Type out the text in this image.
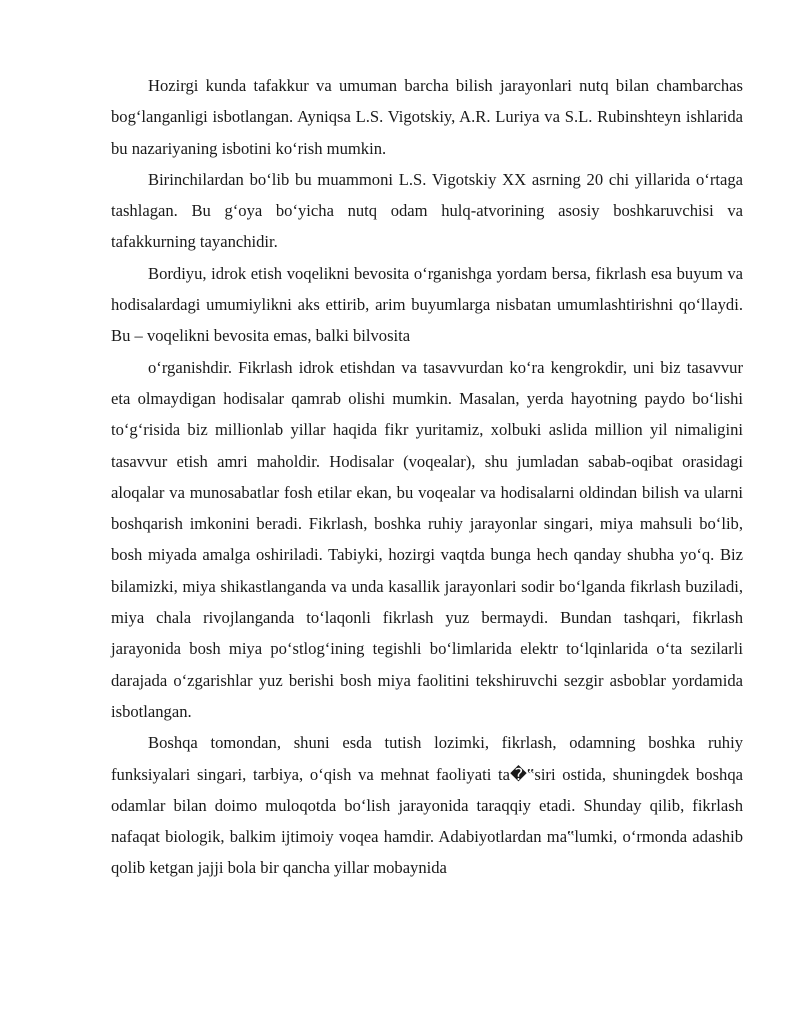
Hozirgi kunda tafakkur va umuman barcha bilish jarayonlari nutq bilan chambarchas bog‘langanligi isbotlangan. Ayniqsa L.S. Vigotskiy, A.R. Luriya va S.L. Rubinshteyn ishlarida bu nazariyaning isbotini ko‘rish mumkin.

Birinchilardan bo‘lib bu muammoni L.S. Vigotskiy XX asrning 20 chi yillarida o‘rtaga tashlagan. Bu g‘oya bo‘yicha nutq odam hulq-atvorining asosiy boshkaruvchisi va tafakkurning tayanchidir.

Bordiyu, idrok etish voqelikni bevosita o‘rganishga yordam bersa, fikrlash esa buyum va hodisalardagi umumiylikni aks ettirib, arim buyumlarga nisbatan umumlashtirishni qo‘llaydi. Bu – voqelikni bevosita emas, balki bilvosita

o‘rganishdir. Fikrlash idrok etishdan va tasavvurdan ko‘ra kengrokdir, uni biz tasavvur eta olmaydigan hodisalar qamrab olishi mumkin. Masalan, yerda hayotning paydo bo‘lishi to‘g‘risida biz millionlab yillar haqida fikr yuritamiz, xolbuki aslida million yil nimaligini tasavvur etish amri maholdir. Hodisalar (voqealar), shu jumladan sabab-oqibat orasidagi aloqalar va munosabatlar fosh etilar ekan, bu voqealar va hodisalarni oldindan bilish va ularni boshqarish imkonini beradi. Fikrlash, boshka ruhiy jarayonlar singari, miya mahsuli bo‘lib, bosh miyada amalga oshiriladi. Tabiyki, hozirgi vaqtda bunga hech qanday shubha yo‘q. Biz bilamizki, miya shikastlanganda va unda kasallik jarayonlari sodir bo‘lganda fikrlash buziladi, miya chala rivojlanganda to‘laqonli fikrlash yuz bermaydi. Bundan tashqari, fikrlash jarayonida bosh miya po‘stlog‘ining tegishli bo‘limlarida elektr to‘lqinlarida o‘ta sezilarli darajada o‘zgarishlar yuz berishi bosh miya faolitini tekshiruvchi sezgir asboblar yordamida isbotlangan.

Boshqa tomondan, shuni esda tutish lozimki, fikrlash, odamning boshka ruhiy funksiyalari singari, tarbiya, o‘qish va mehnat faoliyati ta�‟siri ostida, shuningdek boshqa odamlar bilan doimo muloqotda bo‘lish jarayonida taraqqiy etadi. Shunday qilib, fikrlash nafaqat biologik, balkim ijtimoiy voqea hamdir. Adabiyotlardan ma‟lumki, o‘rmonda adashib qolib ketgan jajji bola bir qancha yillar mobaynida
